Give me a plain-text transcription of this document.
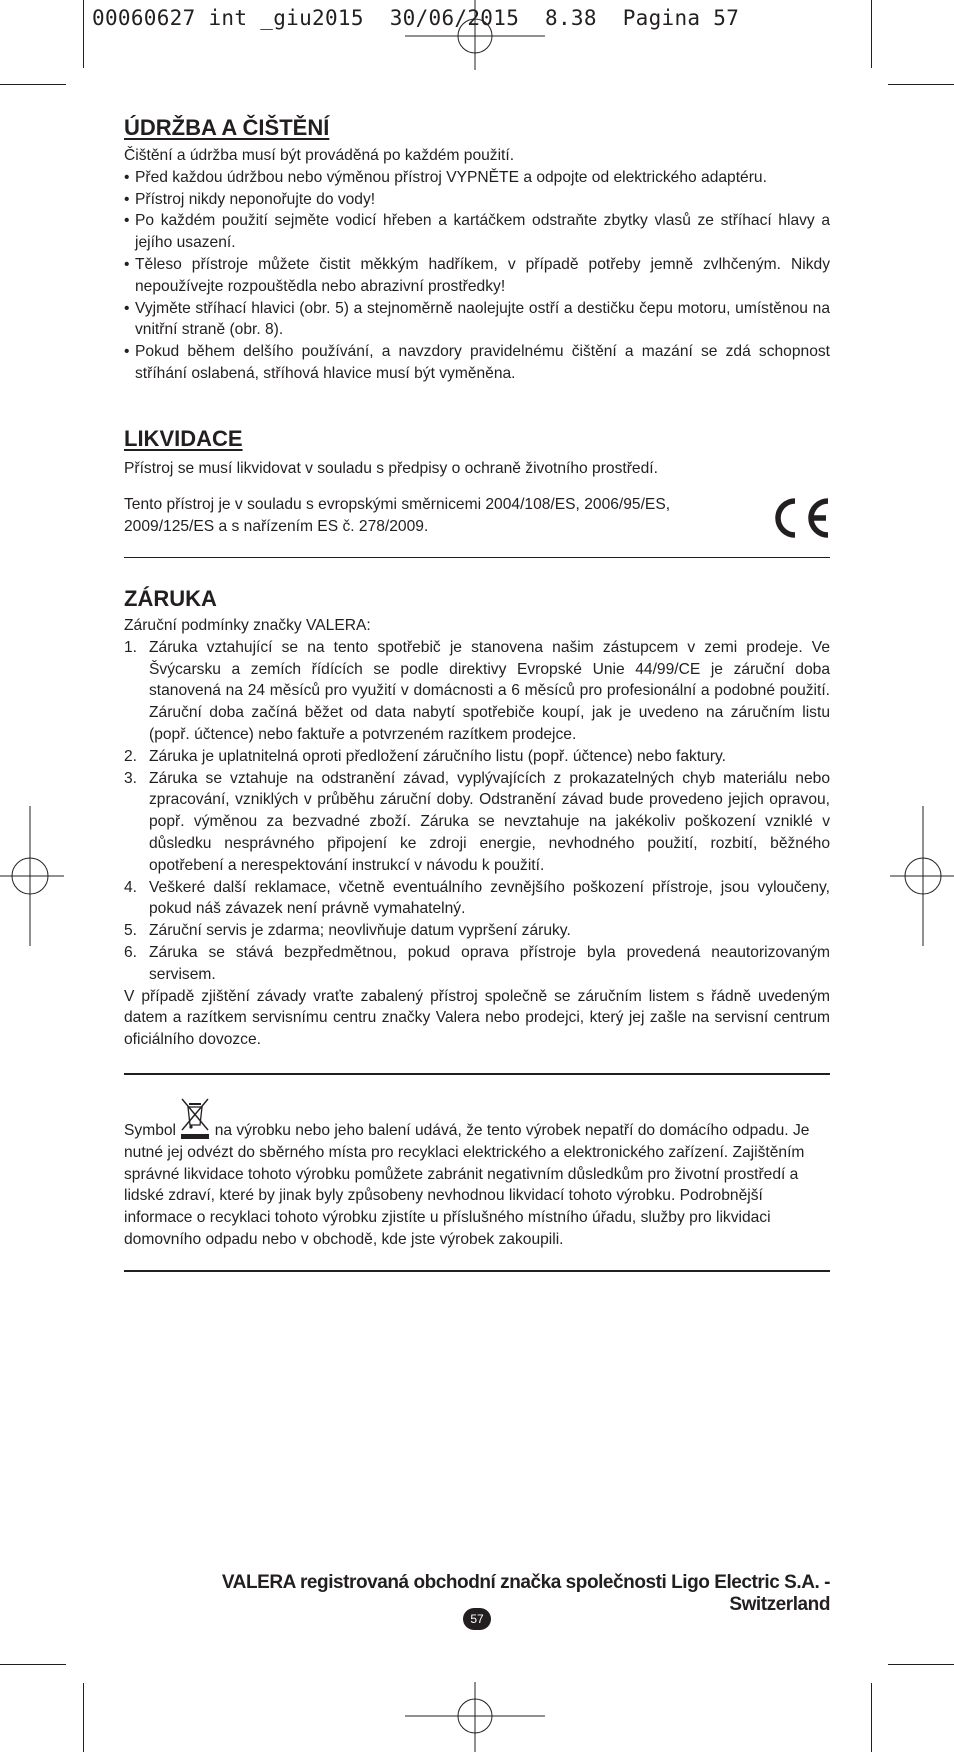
00060627 int _giu2015 30/06/2015 8.38 Pagina 57
ÚDRŽBA A ČIŠTĚNÍ

Čištění a údržba musí být prováděná po každém použití.

• Před každou údržbou nebo výměnou přístroj VYPNĚTE a odpojte od elektrického adaptéru.

• Přístroj nikdy neponořujte do vody!

• Po každém použití sejměte vodicí hřeben a kartáčkem odstraňte zbytky vlasů ze stříhací hlavy a jejího usazení.

• Těleso přístroje můžete čistit měkkým hadříkem, v případě potřeby jemně zvlhčeným. Nikdy nepoužívejte rozpouštědla nebo abrazivní prostředky!

• Vyjměte stříhací hlavici (obr. 5) a stejnoměrně naolejujte ostří a destičku čepu motoru, umístěnou na vnitřní straně (obr. 8).

• Pokud během delšího používání, a navzdory pravidelnému čištění a mazání se zdá schopnost stříhání oslabená, stříhová hlavice musí být vyměněna.

LIKVIDACE

Přístroj se musí likvidovat v souladu s předpisy o ochraně životního prostředí.

Tento přístroj je v souladu s evropskými směrnicemi 2004/108/ES, 2006/95/ES, 2009/125/ES a s nařízením ES č. 278/2009.

ZÁRUKA

Záruční podmínky značky VALERA:

1. Záruka vztahující se na tento spotřebič je stanovena našim zástupcem v zemi prodeje. Ve Švýcarsku a zemích řídících se podle direktivy Evropské Unie 44/99/CE je záruční doba stanovená na 24 měsíců pro využití v domácnosti a 6 měsíců pro profesionální a podobné použití. Záruční doba začíná běžet od data nabytí spotřebiče koupí, jak je uvedeno na záručním listu (popř. účtence) nebo faktuře a potvrzeném razítkem prodejce.
2. Záruka je uplatnitelná oproti předložení záručního listu (popř. účtence) nebo faktury.
3. Záruka se vztahuje na odstranění závad, vyplývajících z prokazatelných chyb materiálu nebo zpracování, vzniklých v průběhu záruční doby. Odstranění závad bude provedeno jejich opravou, popř. výměnou za bezvadné zboží. Záruka se nevztahuje na jakékoliv poškození vzniklé v důsledku nesprávného připojení ke zdroji energie, nevhodného použití, rozbití, běžného opotřebení a nerespektování instrukcí v návodu k použití.
4. Veškeré další reklamace, včetně eventuálního zevnějšího poškození přístroje, jsou vyloučeny, pokud náš závazek není právně vymahatelný.
5. Záruční servis je zdarma; neovlivňuje datum vypršení záruky.
6. Záruka se stává bezpředmětnou, pokud oprava přístroje byla provedená neautorizovaným servisem.

V případě zjištění závady vraťte zabalený přístroj společně se záručním listem s řádně uvedeným datem a razítkem servisnímu centru značky Valera nebo prodejci, který jej zašle na servisní centrum oficiálního dovozce.

Symbol na výrobku nebo jeho balení udává, že tento výrobek nepatří do domácího odpadu. Je nutné jej odvézt do sběrného místa pro recyklaci elektrického a elektronického zařízení. Zajištěním správné likvidace tohoto výrobku pomůžete zabránit negativním důsledkům pro životní prostředí a lidské zdraví, které by jinak byly způsobeny nevhodnou likvidací tohoto výrobku. Podrobnější informace o recyklaci tohoto výrobku zjistíte u příslušného místního úřadu, služby pro likvidaci domovního odpadu nebo v obchodě, kde jste výrobek zakoupili.

VALERA registrovaná obchodní značka společnosti Ligo Electric S.A. - Switzerland
57
